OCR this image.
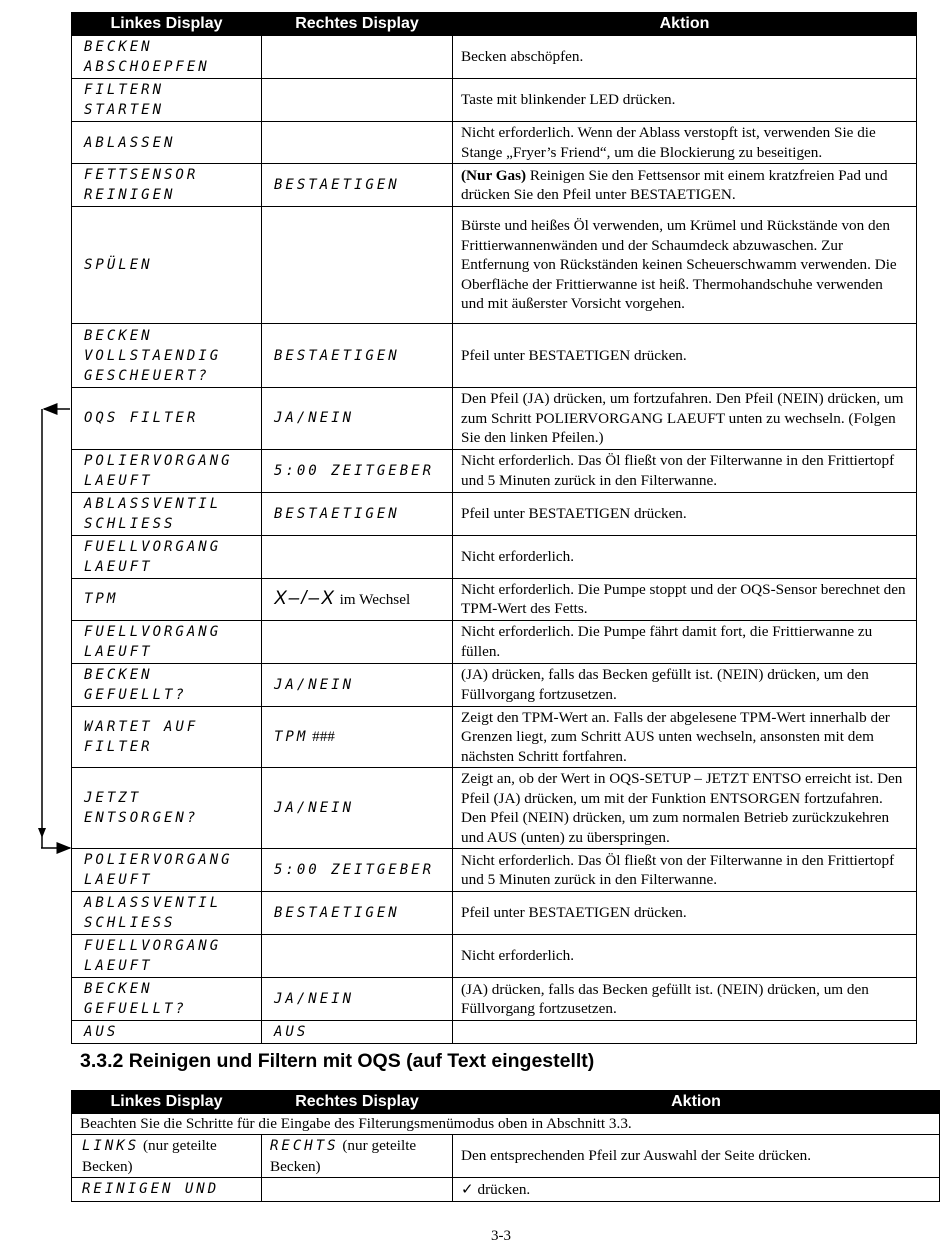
Linkes Display	Rechtes Display	Aktion
BECKEN
ABSCHOEPFEN		Becken abschöpfen.
FILTERN
STARTEN		Taste mit blinkender LED drücken.
ABLASSEN		Nicht erforderlich. Wenn der Ablass verstopft ist, verwenden Sie die Stange „Fryer’s Friend“, um die Blockierung zu beseitigen.
FETTSENSOR
REINIGEN	BESTAETIGEN	(Nur Gas) Reinigen Sie den Fettsensor mit einem kratzfreien Pad und drücken Sie den Pfeil unter BESTAETIGEN.
SPÜLEN		Bürste und heißes Öl verwenden, um Krümel und Rückstände von den Frittierwannenwänden und der Schaumdeck abzuwaschen. Zur Entfernung von Rückständen keinen Scheuerschwamm verwenden. Die Oberfläche der Frittierwanne ist heiß. Thermohandschuhe verwenden und mit äußerster Vorsicht vorgehen.
BECKEN
VOLLSTAENDIG
GESCHEUERT?	BESTAETIGEN	Pfeil unter BESTAETIGEN drücken.
OQS FILTER	JA/NEIN	Den Pfeil (JA) drücken, um fortzufahren. Den Pfeil (NEIN) drücken, um zum Schritt POLIERVORGANG LAEUFT unten zu wechseln. (Folgen Sie den linken Pfeilen.)
POLIERVORGANG
LAEUFT	5:00 ZEITGEBER	Nicht erforderlich. Das Öl fließt von der Filterwanne in den Frittiertopf und 5 Minuten zurück in den Filterwanne.
ABLASSVENTIL
SCHLIESS	BESTAETIGEN	Pfeil unter BESTAETIGEN drücken.
FUELLVORGANG
LAEUFT		Nicht erforderlich.
TPM	X–/–X im Wechsel	Nicht erforderlich. Die Pumpe stoppt und der OQS-Sensor berechnet den TPM-Wert des Fetts.
FUELLVORGANG
LAEUFT		Nicht erforderlich. Die Pumpe fährt damit fort, die Frittierwanne zu füllen.
BECKEN
GEFUELLT?	JA/NEIN	(JA) drücken, falls das Becken gefüllt ist. (NEIN) drücken, um den Füllvorgang fortzusetzen.
WARTET AUF
FILTER	TPM ###	Zeigt den TPM-Wert an. Falls der abgelesene TPM-Wert innerhalb der Grenzen liegt, zum Schritt AUS unten wechseln, ansonsten mit dem nächsten Schritt fortfahren.
JETZT
ENTSORGEN?	JA/NEIN	Zeigt an, ob der Wert in OQS-SETUP – JETZT ENTSO erreicht ist. Den Pfeil (JA) drücken, um mit der Funktion ENTSORGEN fortzufahren. Den Pfeil (NEIN) drücken, um zum normalen Betrieb zurückzukehren und AUS (unten) zu überspringen.
POLIERVORGANG
LAEUFT	5:00 ZEITGEBER	Nicht erforderlich. Das Öl fließt von der Filterwanne in den Frittiertopf und 5 Minuten zurück in den Filterwanne.
ABLASSVENTIL
SCHLIESS	BESTAETIGEN	Pfeil unter BESTAETIGEN drücken.
FUELLVORGANG
LAEUFT		Nicht erforderlich.
BECKEN
GEFUELLT?	JA/NEIN	(JA) drücken, falls das Becken gefüllt ist. (NEIN) drücken, um den Füllvorgang fortzusetzen.
AUS	AUS	
3.3.2 Reinigen und Filtern mit OQS (auf Text eingestellt)
Linkes Display	Rechtes Display	Aktion
Beachten Sie die Schritte für die Eingabe des Filterungsmenümodus oben in Abschnitt 3.3.		
LINKS (nur geteilte Becken)	RECHTS (nur geteilte Becken)	Den entsprechenden Pfeil zur Auswahl der Seite drücken.
REINIGEN UND		✓ drücken.
3-3
